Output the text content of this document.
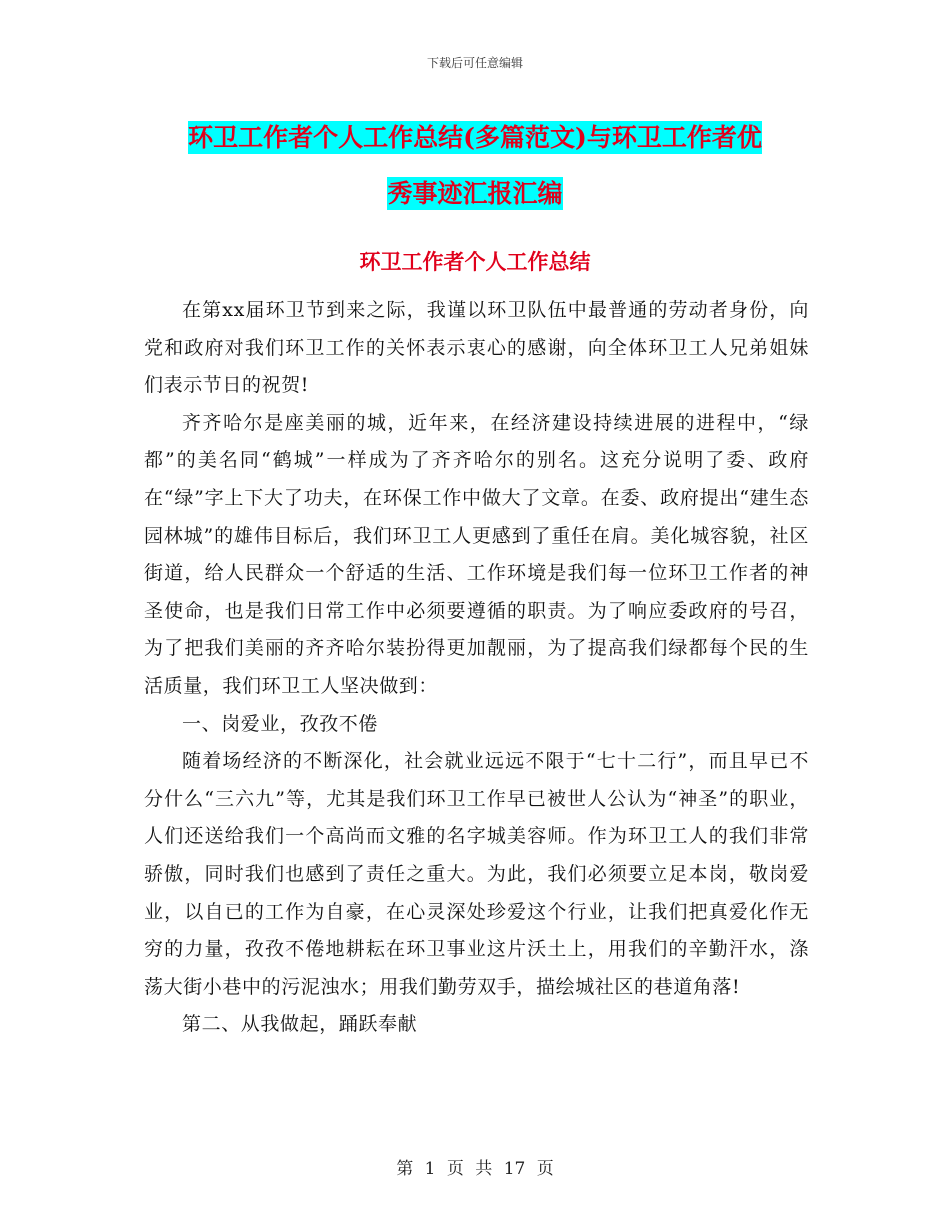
下载后可任意编辑
环卫工作者个人工作总结(多篇范文)与环卫工作者优
秀事迹汇报汇编
环卫工作者个人工作总结

在第xx届环卫节到来之际，我谨以环卫队伍中最普通的劳动者身份，向党和政府对我们环卫工作的关怀表示衷心的感谢，向全体环卫工人兄弟姐妹们表示节日的祝贺!

齐齐哈尔是座美丽的城，近年来，在经济建设持续进展的进程中，“绿都”的美名同“鹤城”一样成为了齐齐哈尔的别名。这充分说明了委、政府在“绿”字上下大了功夫，在环保工作中做大了文章。在委、政府提出“建生态园林城”的雄伟目标后，我们环卫工人更感到了重任在肩。美化城容貌，社区街道，给人民群众一个舒适的生活、工作环境是我们每一位环卫工作者的神圣使命，也是我们日常工作中必须要遵循的职责。为了响应委政府的号召，为了把我们美丽的齐齐哈尔装扮得更加靓丽，为了提高我们绿都每个民的生活质量，我们环卫工人坚决做到：

一、岗爱业，孜孜不倦

随着场经济的不断深化，社会就业远远不限于“七十二行”，而且早已不分什么“三六九”等，尤其是我们环卫工作早已被世人公认为“神圣”的职业，人们还送给我们一个高尚而文雅的名字城美容师。作为环卫工人的我们非常骄傲，同时我们也感到了责任之重大。为此，我们必须要立足本岗，敬岗爱业，以自已的工作为自豪，在心灵深处珍爱这个行业，让我们把真爱化作无穷的力量，孜孜不倦地耕耘在环卫事业这片沃土上，用我们的辛勤汗水，涤荡大街小巷中的污泥浊水；用我们勤劳双手，描绘城社区的巷道角落!

第二、从我做起，踊跃奉献

第 1 页 共 17 页
